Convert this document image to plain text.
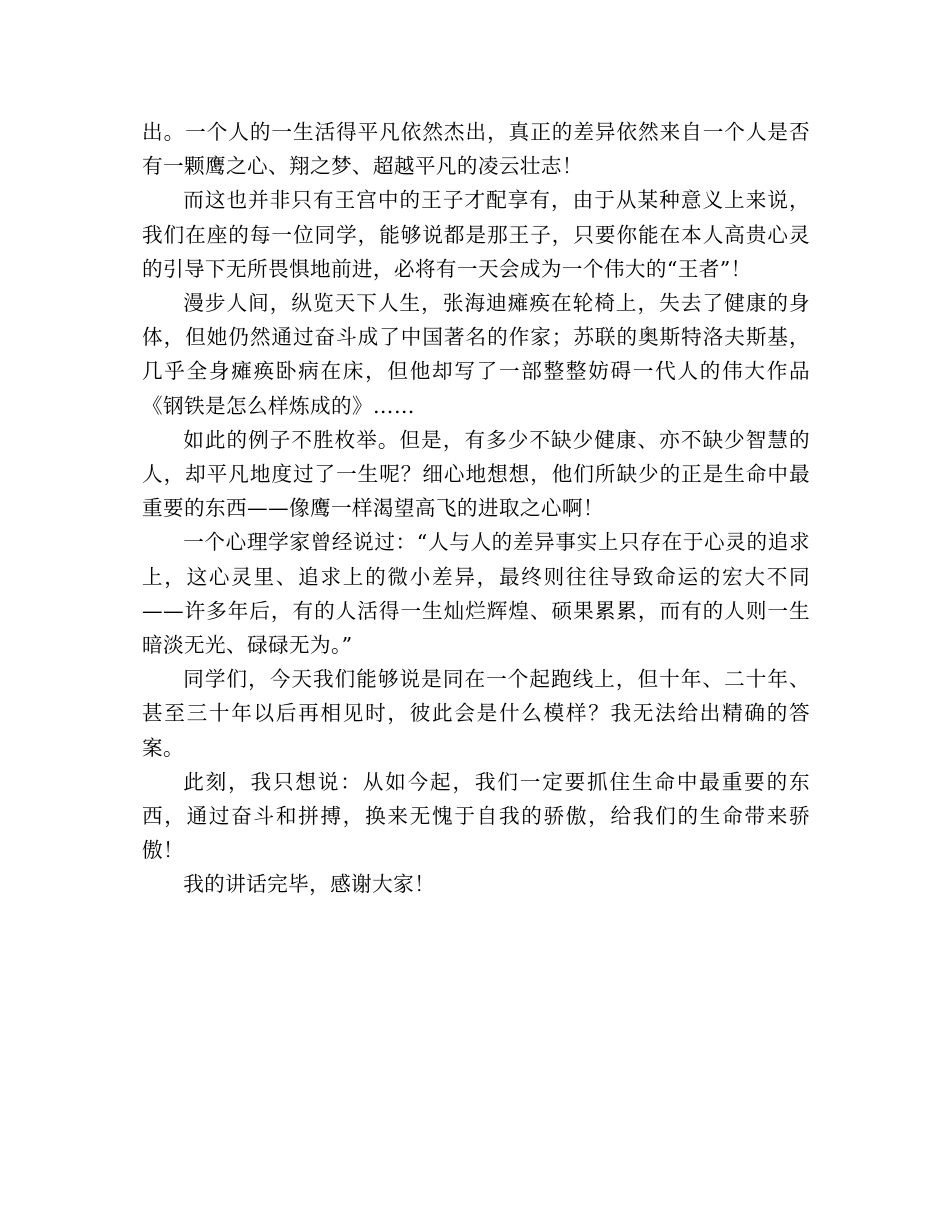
出。一个人的一生活得平凡依然杰出，真正的差异依然来自一个人是否有一颗鹰之心、翔之梦、超越平凡的凌云壮志！

而这也并非只有王宫中的王子才配享有，由于从某种意义上来说，我们在座的每一位同学，能够说都是那王子，只要你能在本人高贵心灵的引导下无所畏惧地前进，必将有一天会成为一个伟大的“王者”！

漫步人间，纵览天下人生，张海迪瘫痪在轮椅上，失去了健康的身体，但她仍然通过奋斗成了中国著名的作家；苏联的奥斯特洛夫斯基，几乎全身瘫痪卧病在床，但他却写了一部整整妨碍一代人的伟大作品《钢铁是怎么样炼成的》……

如此的例子不胜枚举。但是，有多少不缺少健康、亦不缺少智慧的人，却平凡地度过了一生呢？细心地想想，他们所缺少的正是生命中最重要的东西——像鹰一样渴望高飞的进取之心啊！

一个心理学家曾经说过：“人与人的差异事实上只存在于心灵的追求上，这心灵里、追求上的微小差异，最终则往往导致命运的宏大不同——许多年后，有的人活得一生灿烂辉煌、硕果累累，而有的人则一生暗淡无光、碌碌无为。”

同学们，今天我们能够说是同在一个起跑线上，但十年、二十年、甚至三十年以后再相见时，彼此会是什么模样？我无法给出精确的答案。

此刻，我只想说：从如今起，我们一定要抓住生命中最重要的东西，通过奋斗和拼搏，换来无愧于自我的骄傲，给我们的生命带来骄傲！

我的讲话完毕，感谢大家！
